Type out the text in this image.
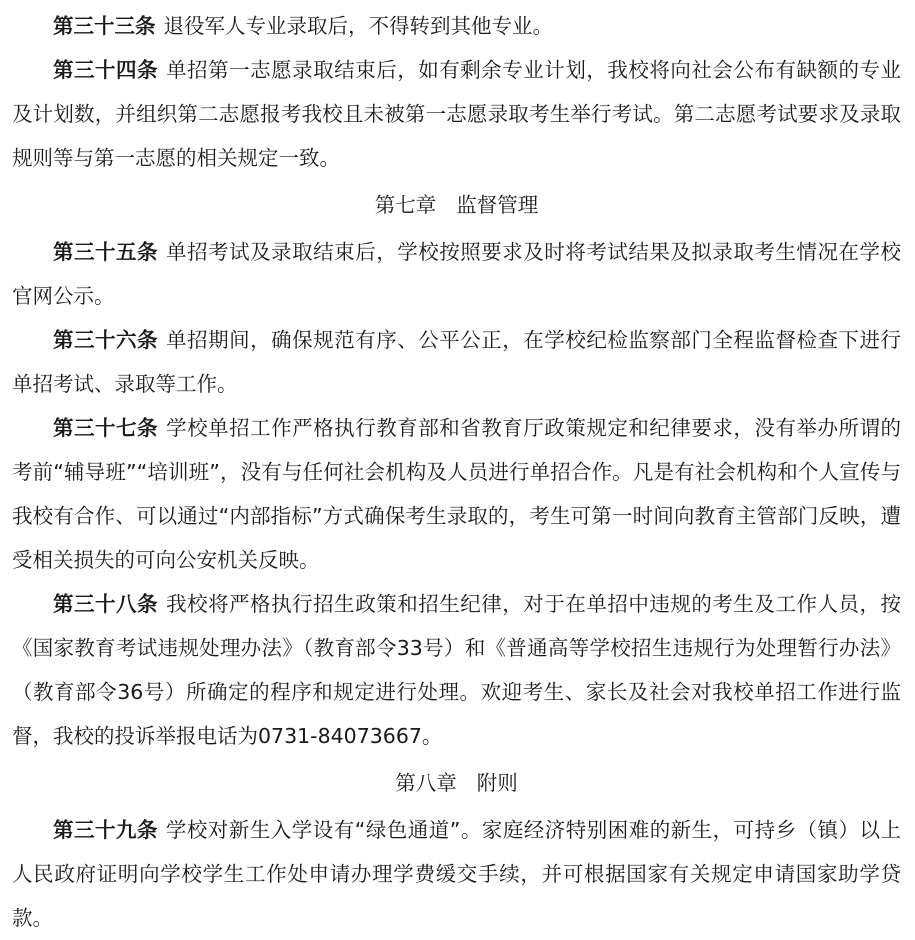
第三十三条 退役军人专业录取后，不得转到其他专业。

第三十四条 单招第一志愿录取结束后，如有剩余专业计划，我校将向社会公布有缺额的专业及计划数，并组织第二志愿报考我校且未被第一志愿录取考生举行考试。第二志愿考试要求及录取规则等与第一志愿的相关规定一致。

第七章 监督管理

第三十五条 单招考试及录取结束后，学校按照要求及时将考试结果及拟录取考生情况在学校官网公示。

第三十六条 单招期间，确保规范有序、公平公正，在学校纪检监察部门全程监督检查下进行单招考试、录取等工作。

第三十七条 学校单招工作严格执行教育部和省教育厅政策规定和纪律要求，没有举办所谓的考前“辅导班”“培训班”，没有与任何社会机构及人员进行单招合作。凡是有社会机构和个人宣传与我校有合作、可以通过“内部指标”方式确保考生录取的，考生可第一时间向教育主管部门反映，遭受相关损失的可向公安机关反映。

第三十八条 我校将严格执行招生政策和招生纪律，对于在单招中违规的考生及工作人员，按《国家教育考试违规处理办法》（教育部令33号）和《普通高等学校招生违规行为处理暂行办法》（教育部令36号）所确定的程序和规定进行处理。欢迎考生、家长及社会对我校单招工作进行监督，我校的投诉举报电话为0731-84073667。

第八章 附则

第三十九条 学校对新生入学设有“绿色通道”。家庭经济特别困难的新生，可持乡（镇）以上人民政府证明向学校学生工作处申请办理学费缓交手续，并可根据国家有关规定申请国家助学贷款。
